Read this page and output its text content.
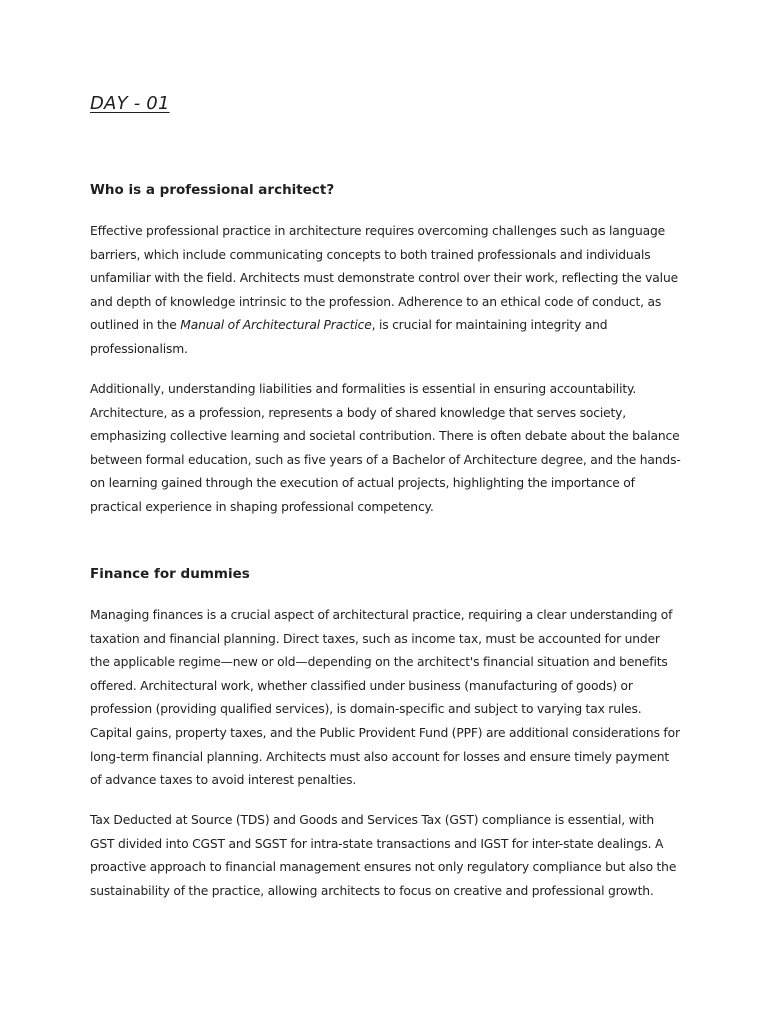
DAY - 01
Who is a professional architect?

Effective professional practice in architecture requires overcoming challenges such as language barriers, which include communicating concepts to both trained professionals and individuals unfamiliar with the field. Architects must demonstrate control over their work, reflecting the value and depth of knowledge intrinsic to the profession. Adherence to an ethical code of conduct, as outlined in the Manual of Architectural Practice, is crucial for maintaining integrity and professionalism.

Additionally, understanding liabilities and formalities is essential in ensuring accountability. Architecture, as a profession, represents a body of shared knowledge that serves society, emphasizing collective learning and societal contribution. There is often debate about the balance between formal education, such as five years of a Bachelor of Architecture degree, and the hands-on learning gained through the execution of actual projects, highlighting the importance of practical experience in shaping professional competency.

Finance for dummies

Managing finances is a crucial aspect of architectural practice, requiring a clear understanding of taxation and financial planning. Direct taxes, such as income tax, must be accounted for under the applicable regime—new or old—depending on the architect's financial situation and benefits offered. Architectural work, whether classified under business (manufacturing of goods) or profession (providing qualified services), is domain-specific and subject to varying tax rules. Capital gains, property taxes, and the Public Provident Fund (PPF) are additional considerations for long-term financial planning. Architects must also account for losses and ensure timely payment of advance taxes to avoid interest penalties.

Tax Deducted at Source (TDS) and Goods and Services Tax (GST) compliance is essential, with GST divided into CGST and SGST for intra-state transactions and IGST for inter-state dealings. A proactive approach to financial management ensures not only regulatory compliance but also the sustainability of the practice, allowing architects to focus on creative and professional growth.
